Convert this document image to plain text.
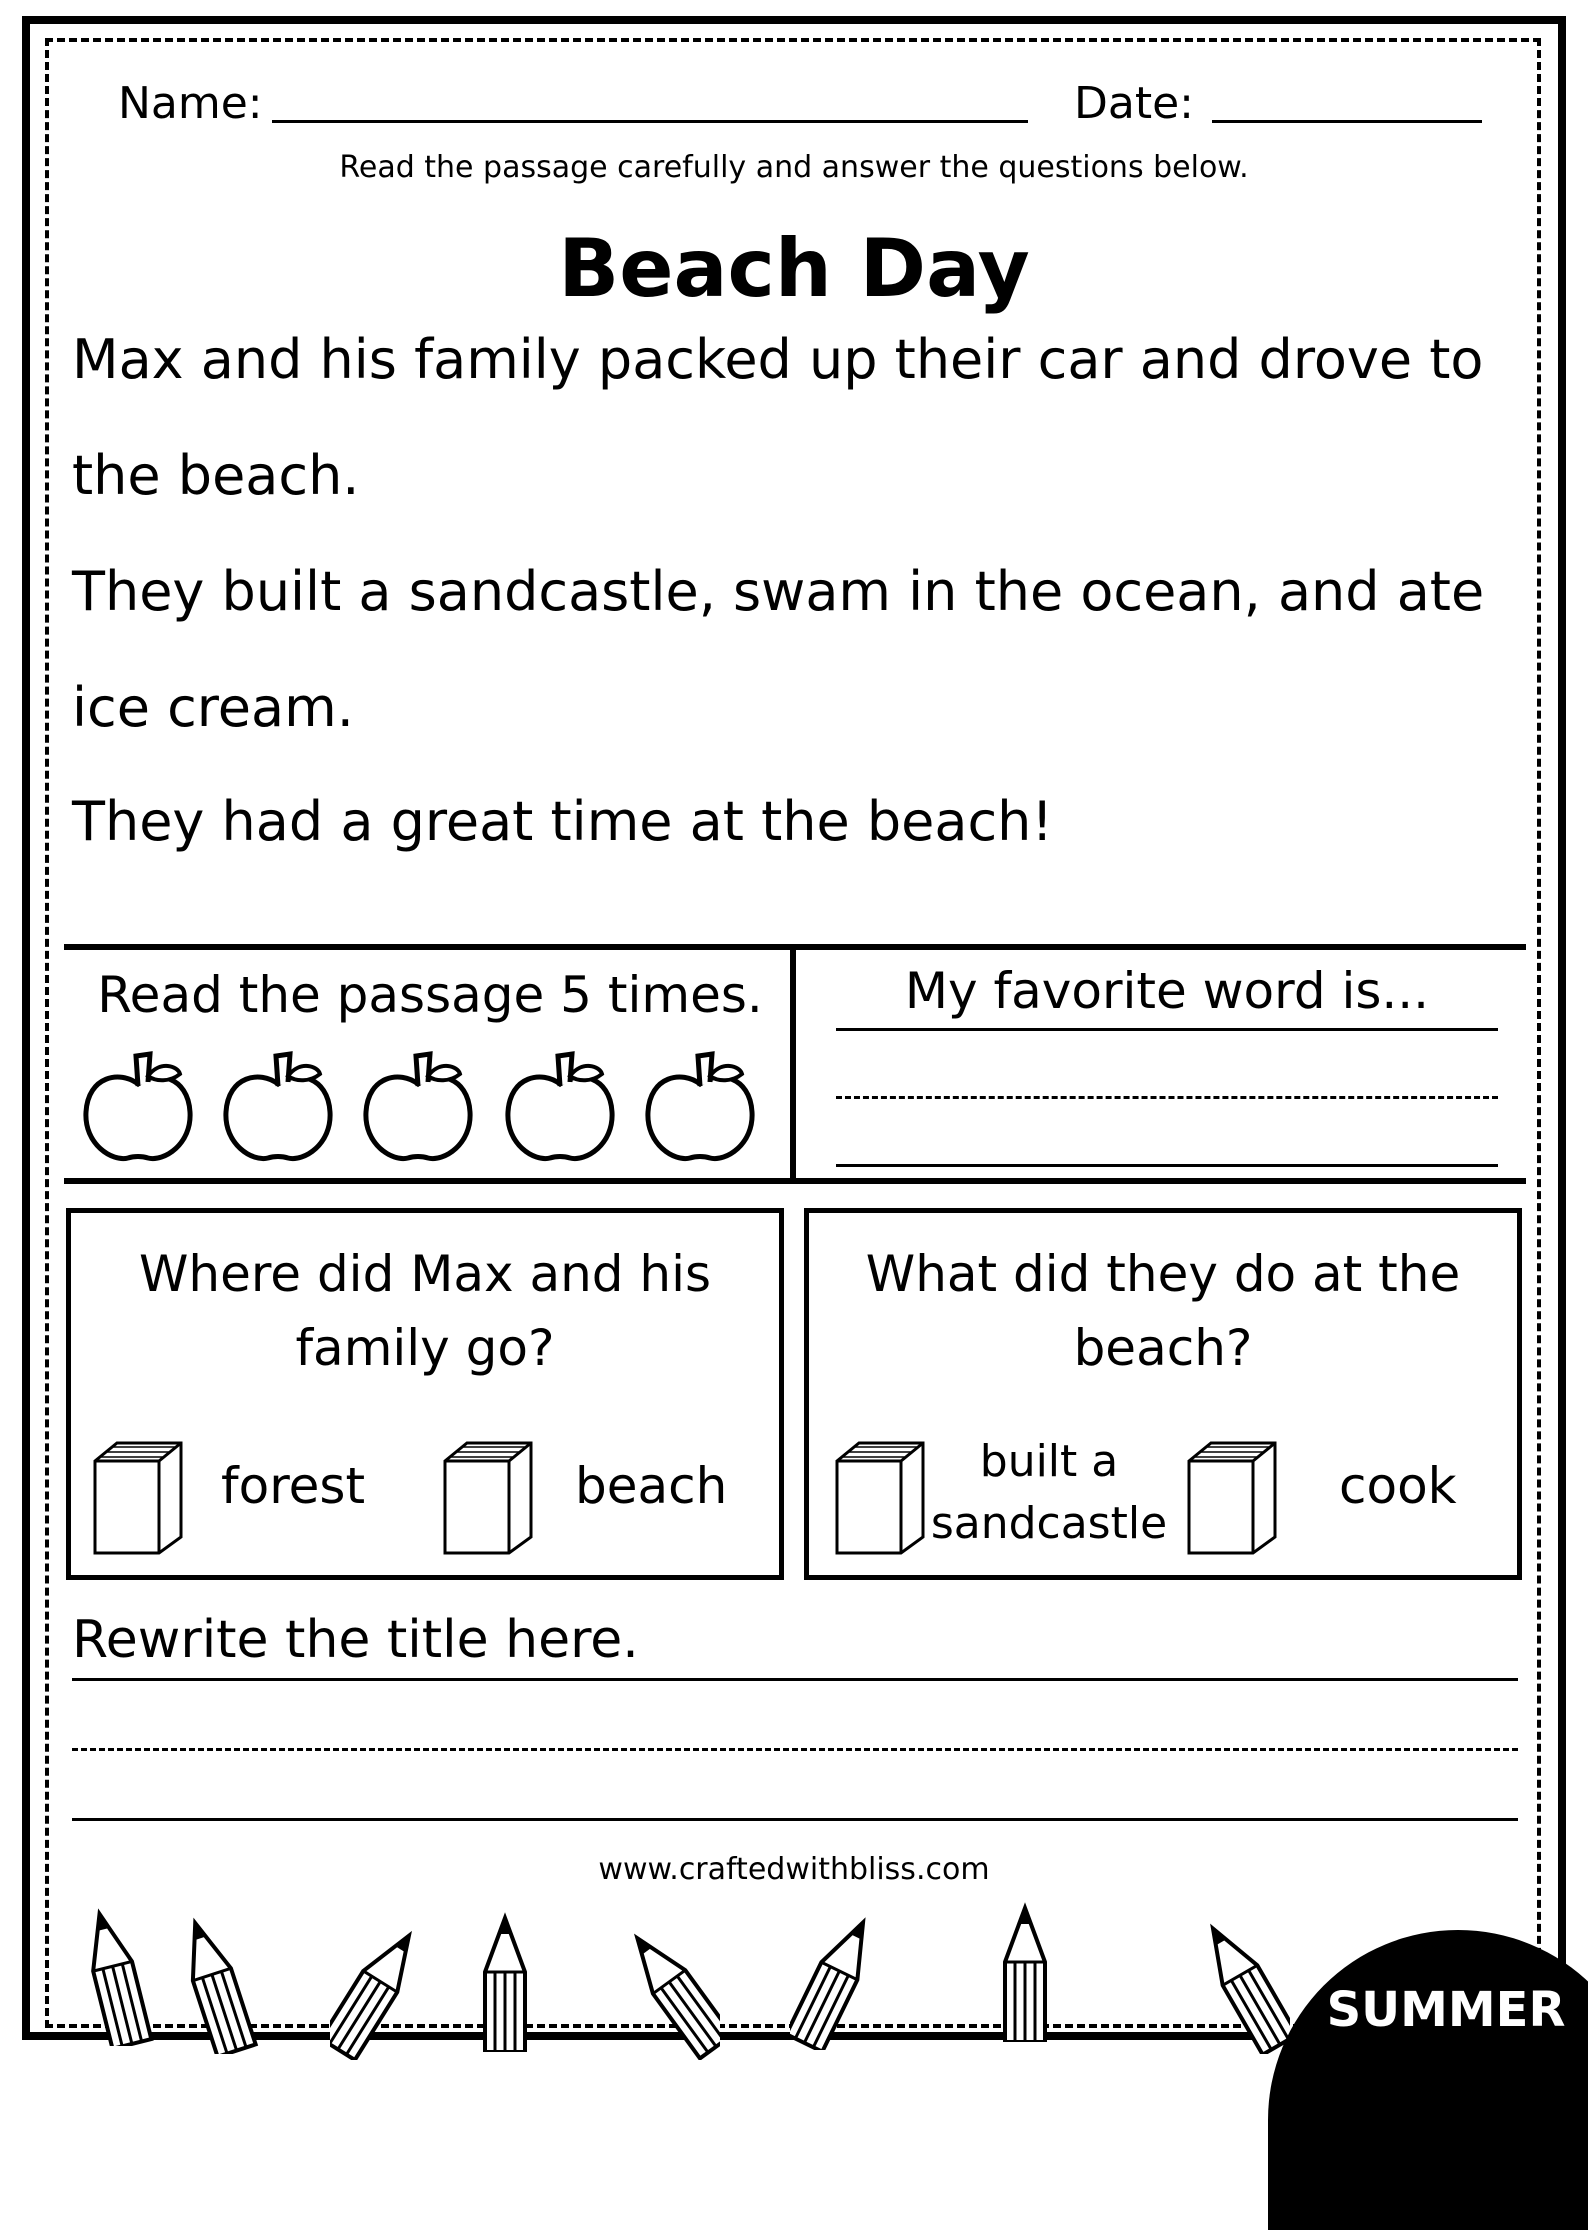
Name:	Date:
Read the passage carefully and answer the questions below.
Beach Day
Max and his family packed up their car and drove to
the beach.
They built a sandcastle, swam in the ocean, and ate
ice cream.
They had a great time at the beach!
Read the passage 5 times.	My favorite word is...
Where did Max and his
family go?
forest	beach
What did they do at the
beach?
built a
sandcastle
cook
Rewrite the title here.
www.craftedwithbliss.com
SUMMER
